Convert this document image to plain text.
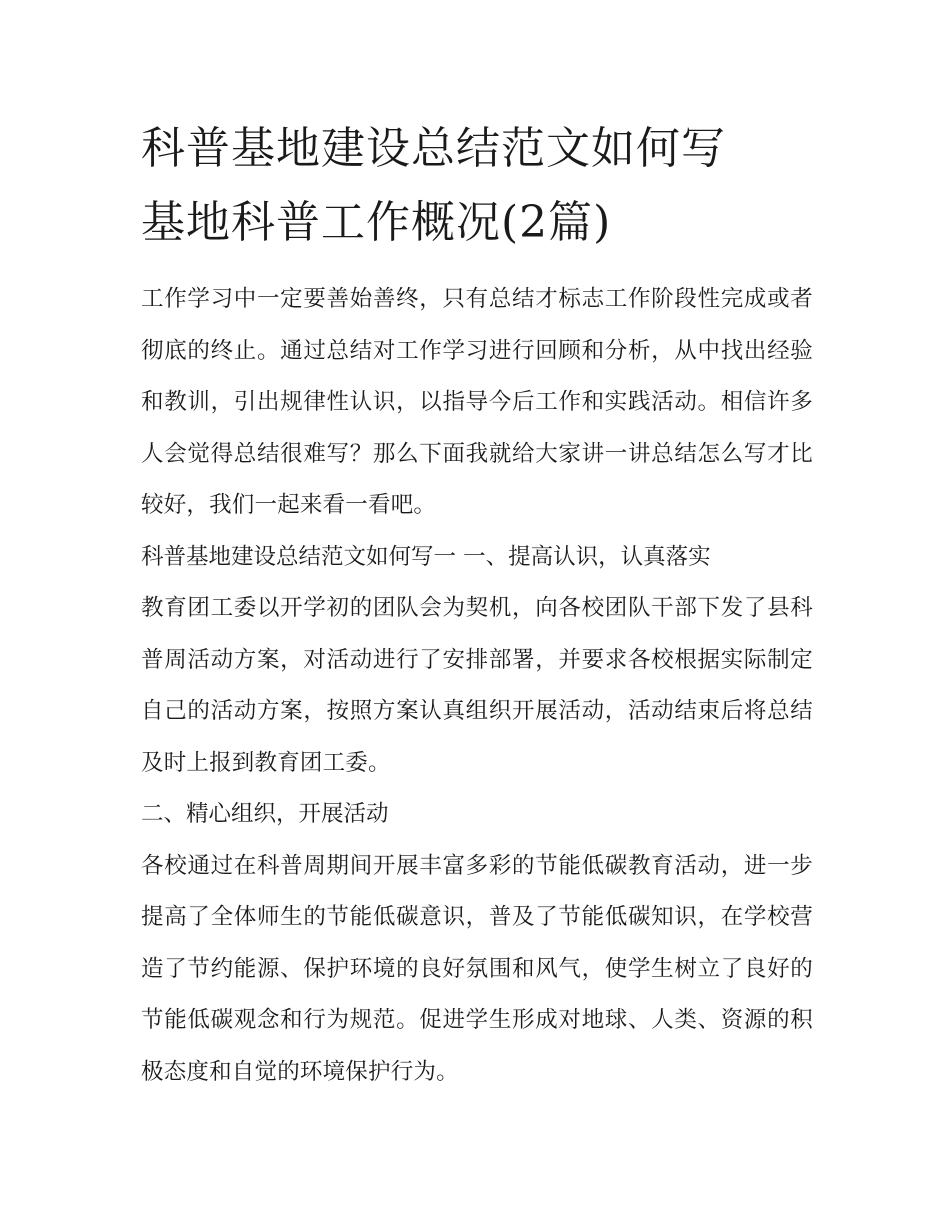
科普基地建设总结范文如何写
基地科普工作概况(2篇)

工作学习中一定要善始善终，只有总结才标志工作阶段性完成或者彻底的终止。通过总结对工作学习进行回顾和分析，从中找出经验和教训，引出规律性认识，以指导今后工作和实践活动。相信许多人会觉得总结很难写？那么下面我就给大家讲一讲总结怎么写才比较好，我们一起来看一看吧。

科普基地建设总结范文如何写一 一、提高认识，认真落实

教育团工委以开学初的团队会为契机，向各校团队干部下发了县科普周活动方案，对活动进行了安排部署，并要求各校根据实际制定自己的活动方案，按照方案认真组织开展活动，活动结束后将总结及时上报到教育团工委。

二、精心组织，开展活动

各校通过在科普周期间开展丰富多彩的节能低碳教育活动，进一步提高了全体师生的节能低碳意识，普及了节能低碳知识，在学校营造了节约能源、保护环境的良好氛围和风气，使学生树立了良好的节能低碳观念和行为规范。促进学生形成对地球、人类、资源的积极态度和自觉的环境保护行为。
